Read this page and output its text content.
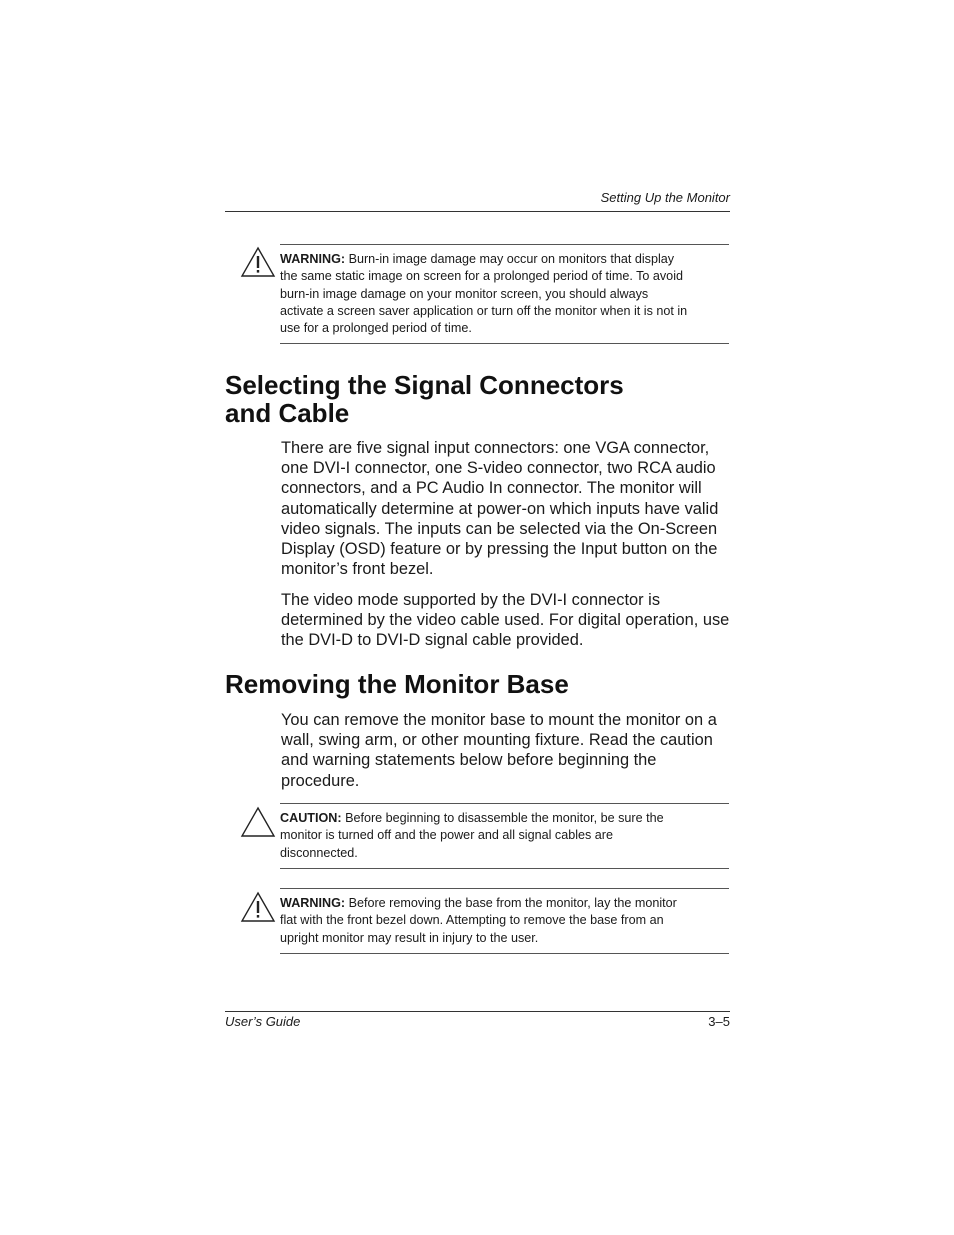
Setting Up the Monitor
WARNING: Burn-in image damage may occur on monitors that display the same static image on screen for a prolonged period of time. To avoid burn-in image damage on your monitor screen, you should always activate a screen saver application or turn off the monitor when it is not in use for a prolonged period of time.
Selecting the Signal Connectors
and Cable

There are five signal input connectors: one VGA connector, one DVI-I connector, one S-video connector, two RCA audio connectors, and a PC Audio In connector. The monitor will automatically determine at power-on which inputs have valid video signals. The inputs can be selected via the On-Screen Display (OSD) feature or by pressing the Input button on the monitor’s front bezel.

The video mode supported by the DVI-I connector is determined by the video cable used. For digital operation, use the DVI-D to DVI-D signal cable provided.

Removing the Monitor Base

You can remove the monitor base to mount the monitor on a wall, swing arm, or other mounting fixture. Read the caution and warning statements below before beginning the procedure.

CAUTION: Before beginning to disassemble the monitor, be sure the monitor is turned off and the power and all signal cables are disconnected.
WARNING: Before removing the base from the monitor, lay the monitor flat with the front bezel down. Attempting to remove the base from an upright monitor may result in injury to the user.
User’s Guide	3–5
